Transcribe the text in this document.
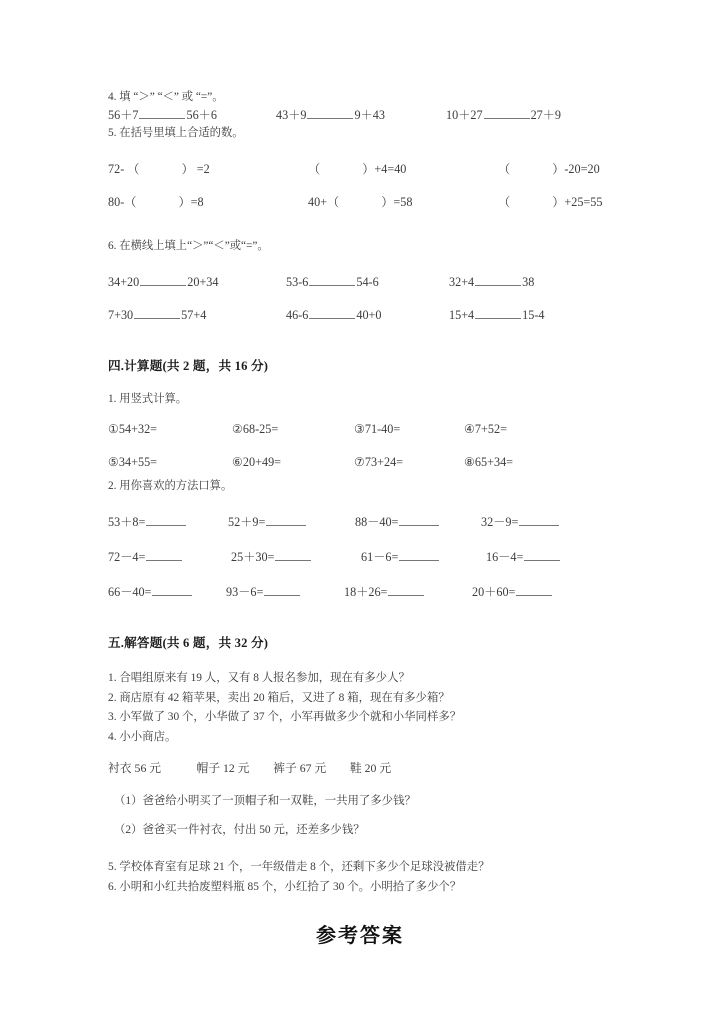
4. 填 “＞” “＜” 或 “=”。
56＋7	56＋6	43＋9	9＋43	10＋27	27＋9
5. 在括号里填上合适的数。
72- （	） =2	（	）+4=40	（	）-20=20
80-（	）=8	40+（	）=58	（	）+25=55
6. 在横线上填上“＞”“＜”或“=”。
34+20	20+34	53-6	54-6	32+4	38
7+30	57+4	46-6	40+0	15+4	15-4
四.计算题(共 2 题，共 16 分)
1. 用竖式计算。
①54+32=	②68-25=	③71-40=	④7+52=
⑤34+55=	⑥20+49=	⑦73+24=	⑧65+34=
2. 用你喜欢的方法口算。
53＋8=	52＋9=	88－40=	32－9=
72－4=	25＋30=	61－6=	16－4=
66－40=	93－6=	18＋26=	20＋60=
五.解答题(共 6 题，共 32 分)
1. 合唱组原来有 19 人，又有 8 人报名参加，现在有多少人？
2. 商店原有 42 箱苹果，卖出 20 箱后，又进了 8 箱，现在有多少箱？
3. 小军做了 30 个，小华做了 37 个，小军再做多少个就和小华同样多？
4. 小小商店。
衬衣 56 元　　　帽子 12 元　　裤子 67 元　　鞋 20 元
（1）爸爸给小明买了一顶帽子和一双鞋，一共用了多少钱？
（2）爸爸买一件衬衣，付出 50 元，还差多少钱？
5. 学校体育室有足球 21 个，一年级借走 8 个，还剩下多少个足球没被借走？
6. 小明和小红共拾废塑料瓶 85 个，小红拾了 30 个。小明拾了多少个？
参考答案
